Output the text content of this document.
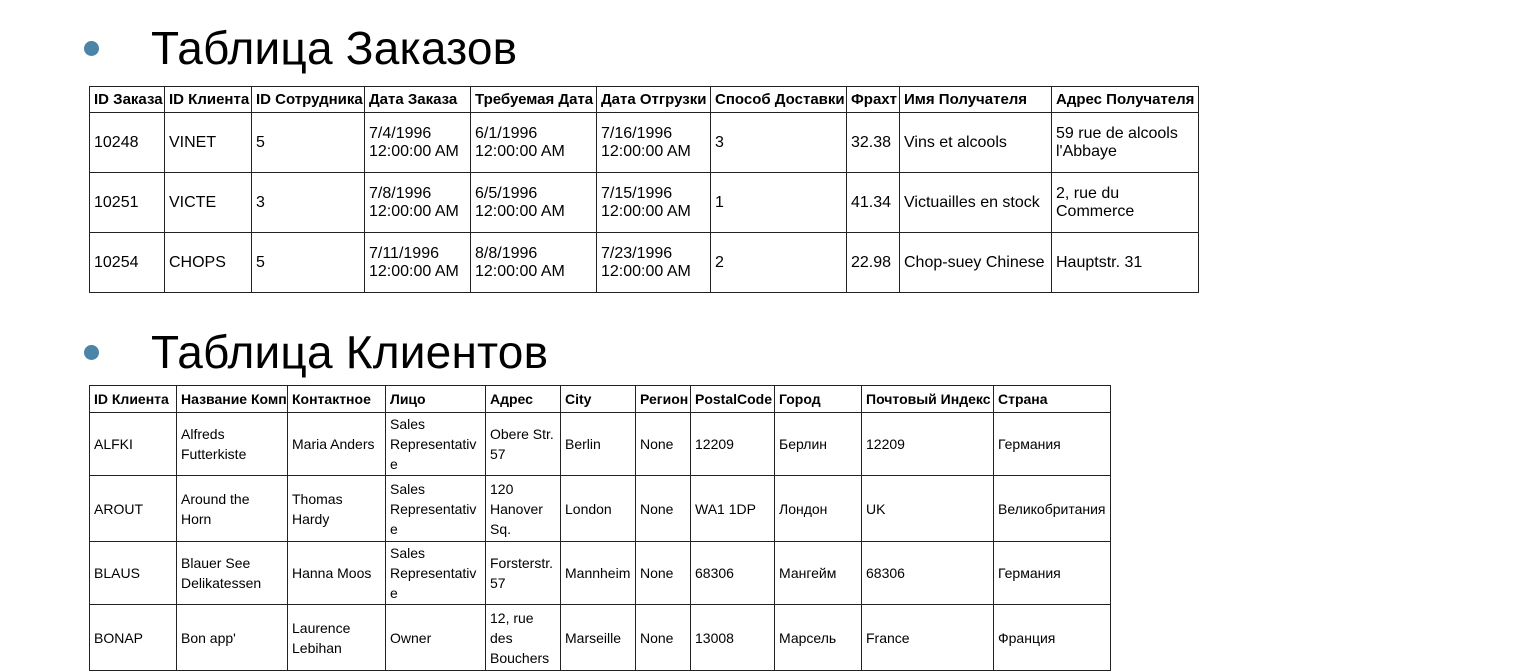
Таблица Заказов
ID Заказа	ID Клиента	ID Сотрудника	Дата Заказа	Требуемая Дата	Дата Отгрузки	Способ Доставки	Фрахт	Имя Получателя	Адрес Получателя
10248	VINET	5	7/4/1996 12:00:00 AM	6/1/1996 12:00:00 AM	7/16/1996 12:00:00 AM	3	32.38	Vins et alcools	59 rue de alcools l'Abbaye
10251	VICTE	3	7/8/1996 12:00:00 AM	6/5/1996 12:00:00 AM	7/15/1996 12:00:00 AM	1	41.34	Victuailles en stock	2, rue du Commerce
10254	CHOPS	5	7/11/1996 12:00:00 AM	8/8/1996 12:00:00 AM	7/23/1996 12:00:00 AM	2	22.98	Chop-suey Chinese	Hauptstr. 31
Таблица Клиентов
ID Клиента	Название Комп	Контактное	Лицо	Адрес	City	Регион	PostalCode	Город	Почтовый Индекс	Страна
ALFKI	Alfreds Futterkiste	Maria Anders	Sales Representative	Obere Str. 57	Berlin	None	12209	Берлин	12209	Германия
AROUT	Around the Horn	Thomas Hardy	Sales Representative	120 Hanover Sq.	London	None	WA1 1DP	Лондон	UK	Великобритания
BLAUS	Blauer See Delikatessen	Hanna Moos	Sales Representative	Forsterstr. 57	Mannheim	None	68306	Мангейм	68306	Германия
BONAP	Bon app'	Laurence Lebihan	Owner	12, rue des Bouchers	Marseille	None	13008	Марсель	France	Франция
